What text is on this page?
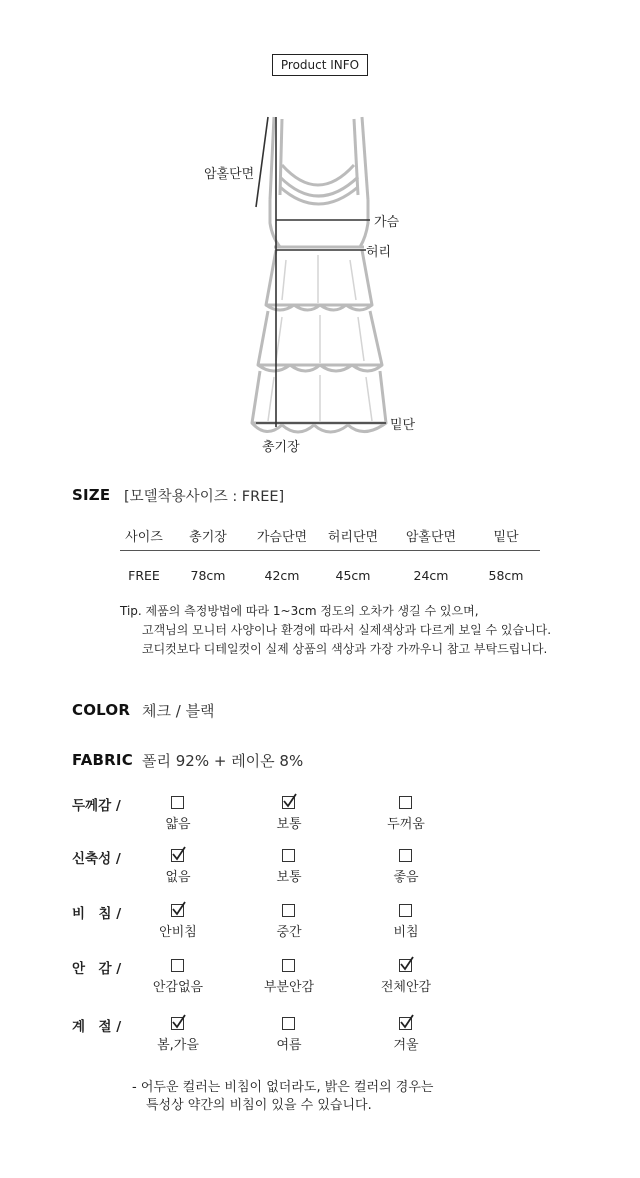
Product INFO
암홀단면
가슴
허리
밑단
총기장
SIZE [모델착용사이즈 : FREE]
사이즈	총기장	가슴단면	허리단면	암홀단면	밑단
FREE	78cm	42cm	45cm	24cm	58cm
Tip. 제품의 측정방법에 따라 1~3cm 정도의 오차가 생길 수 있으며,
고객님의 모니터 사양이나 환경에 따라서 실제색상과 다르게 보일 수 있습니다.
코디컷보다 디테일컷이 실제 상품의 색상과 가장 가까우니 참고 부탁드립니다.
COLOR 체크 / 블랙
FABRIC 폴리 92% + 레이온 8%
두께감 /
얇음	보통	두꺼움
신축성 /
없음	보통	좋음
비　침 /
안비침	중간	비침
안　감 /
안감없음	부분안감	전체안감
계　절 /
봄,가을	여름	겨울
- 어두운 컬러는 비침이 없더라도, 밝은 컬러의 경우는
특성상 약간의 비침이 있을 수 있습니다.
